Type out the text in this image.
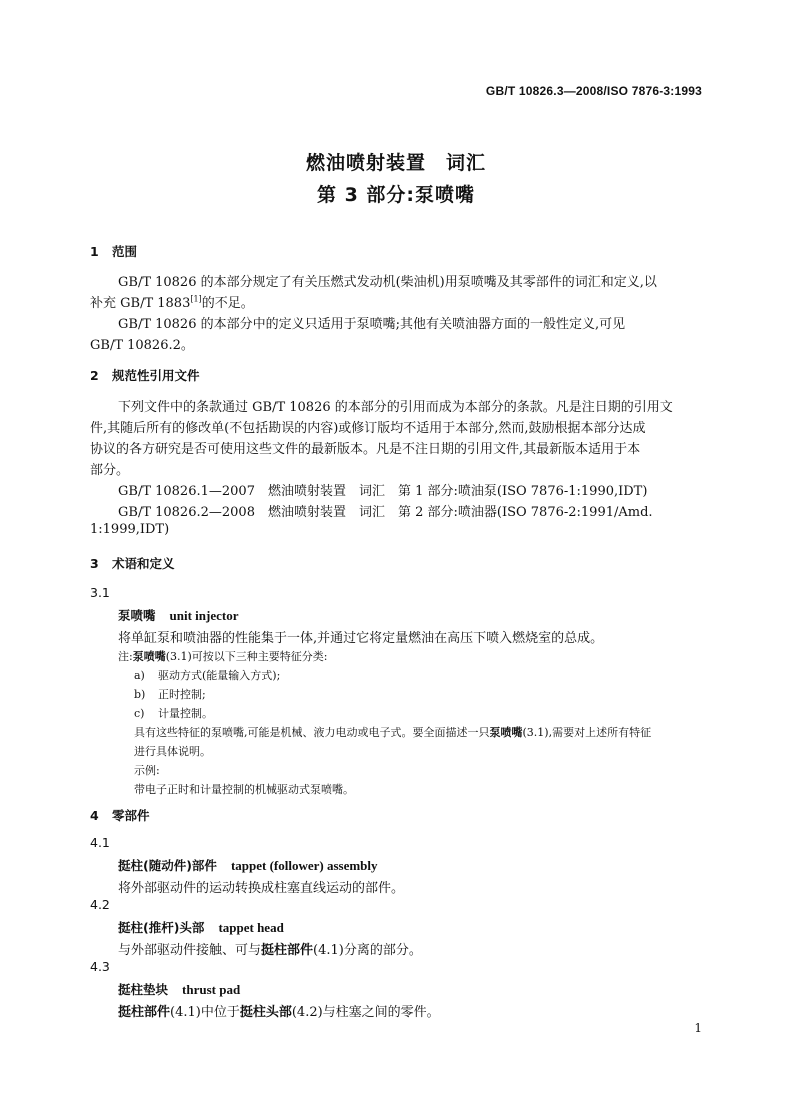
GB/T 10826.3—2008/ISO 7876-3:1993
燃油喷射装置　词汇
第 3 部分:泵喷嘴
1 范围
GB/T 10826 的本部分规定了有关压燃式发动机(柴油机)用泵喷嘴及其零部件的词汇和定义,以
补充 GB/T 1883[1]的不足。
GB/T 10826 的本部分中的定义只适用于泵喷嘴;其他有关喷油器方面的一般性定义,可见
GB/T 10826.2。
2 规范性引用文件
下列文件中的条款通过 GB/T 10826 的本部分的引用而成为本部分的条款。凡是注日期的引用文
件,其随后所有的修改单(不包括勘误的内容)或修订版均不适用于本部分,然而,鼓励根据本部分达成
协议的各方研究是否可使用这些文件的最新版本。凡是不注日期的引用文件,其最新版本适用于本
部分。
GB/T 10826.1—2007　燃油喷射装置　词汇　第 1 部分:喷油泵(ISO 7876-1:1990,IDT)
GB/T 10826.2—2008　燃油喷射装置　词汇　第 2 部分:喷油器(ISO 7876-2:1991/Amd.
1:1999,IDT)
3 术语和定义
3.1
泵喷嘴 unit injector
将单缸泵和喷油器的性能集于一体,并通过它将定量燃油在高压下喷入燃烧室的总成。
注:泵喷嘴(3.1)可按以下三种主要特征分类:
a) 驱动方式(能量输入方式);
b) 正时控制;
c) 计量控制。
具有这些特征的泵喷嘴,可能是机械、液力电动或电子式。要全面描述一只泵喷嘴(3.1),需要对上述所有特征
进行具体说明。
示例:
带电子正时和计量控制的机械驱动式泵喷嘴。
4 零部件
4.1
挺柱(随动件)部件 tappet (follower) assembly
将外部驱动件的运动转换成柱塞直线运动的部件。
4.2
挺柱(推杆)头部 tappet head
与外部驱动件接触、可与挺柱部件(4.1)分离的部分。
4.3
挺柱垫块 thrust pad
挺柱部件(4.1)中位于挺柱头部(4.2)与柱塞之间的零件。
1
